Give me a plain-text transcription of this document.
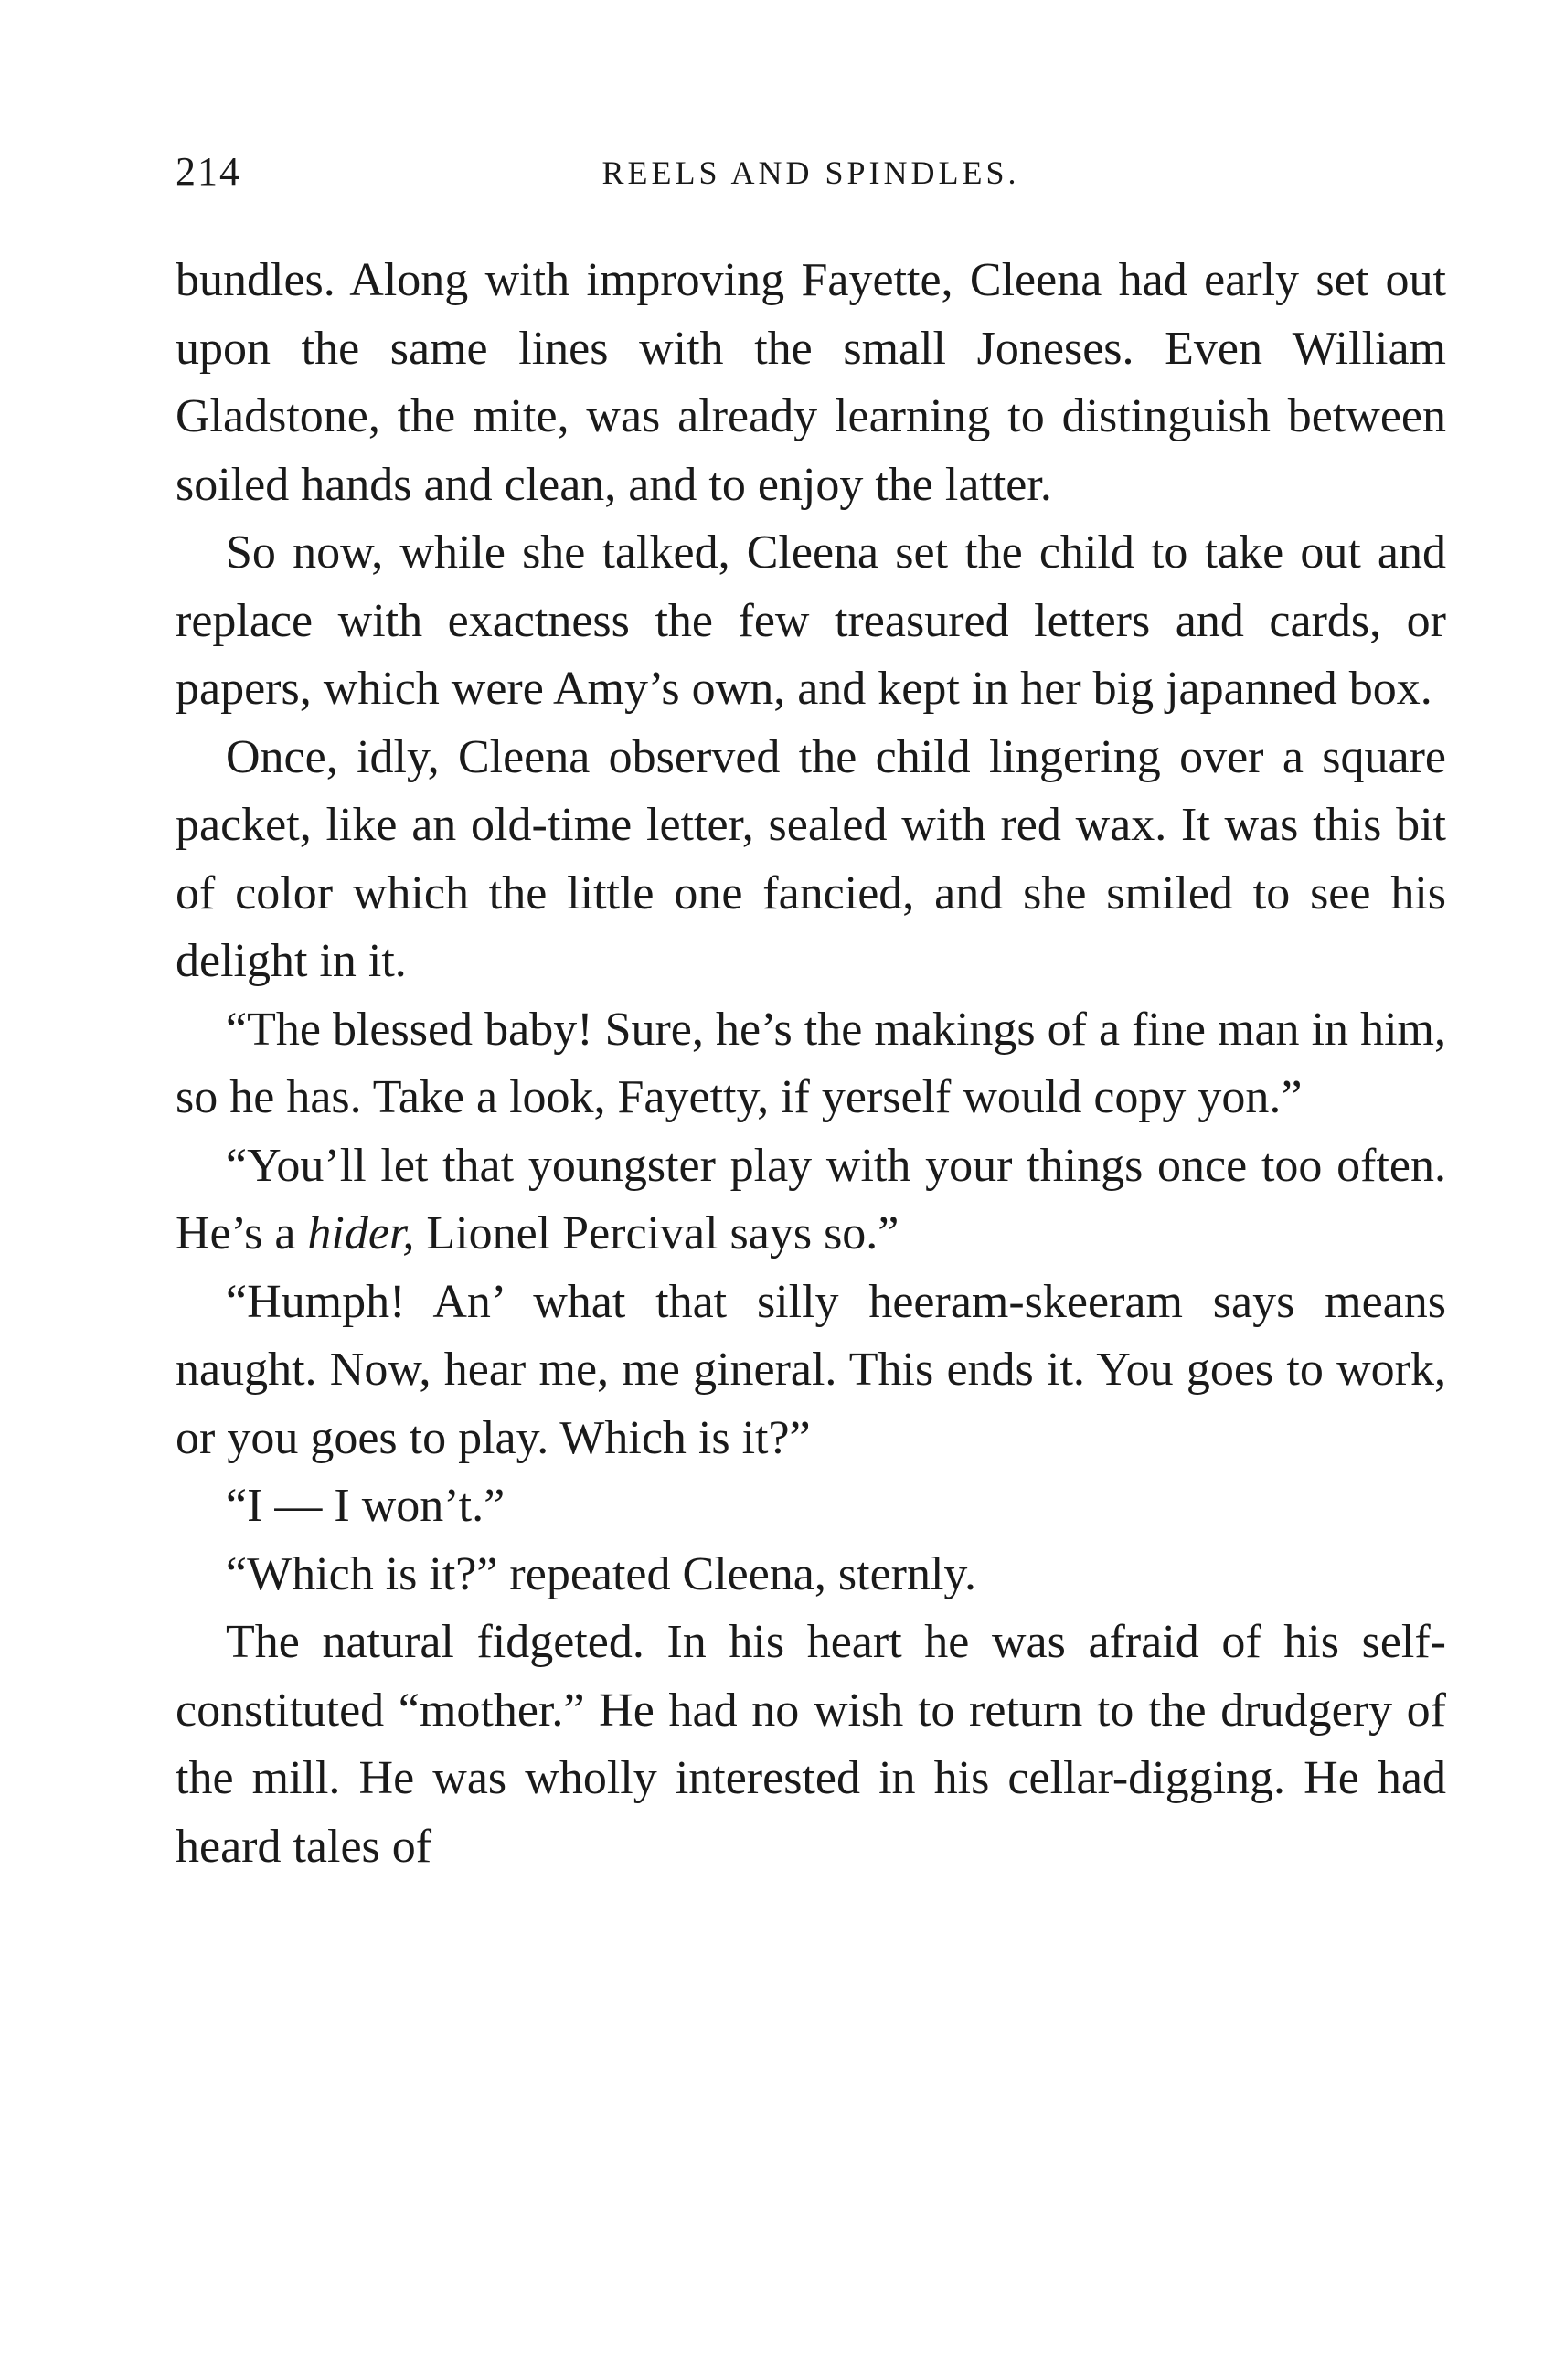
214	REELS AND SPINDLES.

bundles. Along with improving Fayette, Cleena had early set out upon the same lines with the small Joneses. Even William Gladstone, the mite, was already learning to distinguish between soiled hands and clean, and to enjoy the latter.

So now, while she talked, Cleena set the child to take out and replace with exactness the few treasured letters and cards, or papers, which were Amy’s own, and kept in her big japanned box.

Once, idly, Cleena observed the child lingering over a square packet, like an old-time letter, sealed with red wax. It was this bit of color which the little one fancied, and she smiled to see his delight in it.

“The blessed baby! Sure, he’s the makings of a fine man in him, so he has. Take a look, Fayetty, if yerself would copy yon.”

“You’ll let that youngster play with your things once too often. He’s a hider, Lionel Percival says so.”

“Humph! An’ what that silly heeram-skeeram says means naught. Now, hear me, me gineral. This ends it. You goes to work, or you goes to play. Which is it?”

“I — I won’t.”

“Which is it?” repeated Cleena, sternly.

The natural fidgeted. In his heart he was afraid of his self-constituted “mother.” He had no wish to return to the drudgery of the mill. He was wholly interested in his cellar-digging. He had heard tales of
